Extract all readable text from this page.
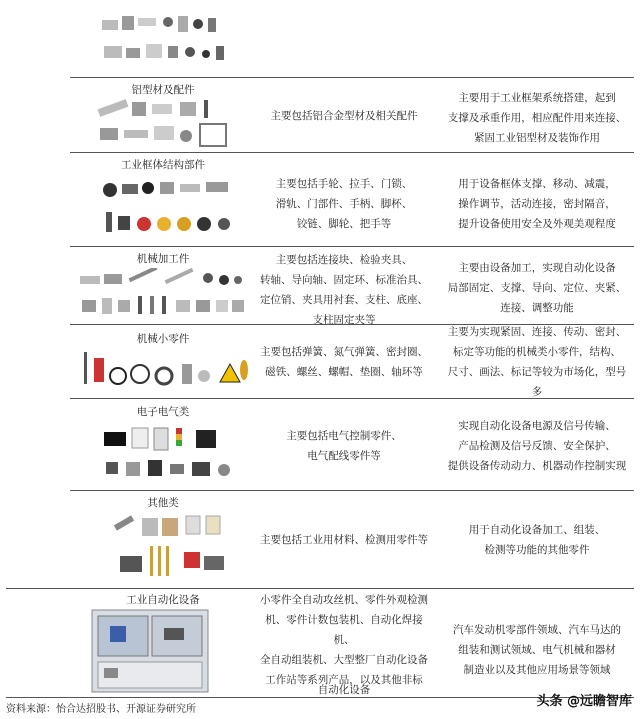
铝型材及配件
主要包括铝合金型材及相关配件
主要用于工业框架系统搭建，起到
支撑及承重作用，相应配件用来连接、
紧固工业铝型材及装饰作用
工业框体结构部件
主要包括手轮、拉手、门锁、
滑轨、门部件、手柄、脚杯、
铰链、脚轮、把手等
用于设备框体支撑、移动、减震，
操作调节，活动连接，密封隔音，
提升设备使用安全及外观美观程度
机械加工件	主要包括连接块、检验夹具、
转轴、导向轴、固定环、标准治具、
定位销、夹具用衬套、支柱、底座、
支柱固定夹等
主要由设备加工，实现自动化设备
局部固定、支撑、导向、定位、夹紧、
连接、调整功能
机械小零件
主要包括弹簧、氮气弹簧、密封圈、
磁铁、螺丝、螺帽、垫圈、轴环等
主要为实现紧固、连接、传动、密封、
标定等功能的机械类小零件，结构、
尺寸、画法、标记等较为市场化，型号
多
电子电气类
主要包括电气控制零件、
电气配线零件等
实现自动化设备电源及信号传输、
产品检测及信号反馈、安全保护、
提供设备传动动力、机器动作控制实现
其他类
主要包括工业用材料、检测用零件等
用于自动化设备加工、组装、
检测等功能的其他零件
工业自动化设备	小零件全自动攻丝机、零件外观检测
机、零件计数包装机、自动化焊接
机、
全自动组装机、大型整厂自动化设备
工作站等系列产品，以及其他非标
汽车发动机零部件领域、汽车马达的
组装和测试领域、电气机械和器材
制造业以及其他应用场景等领域
自动化设备
资料来源：怡合达招股书、开源证券研究所
头条 @远瞻智库
